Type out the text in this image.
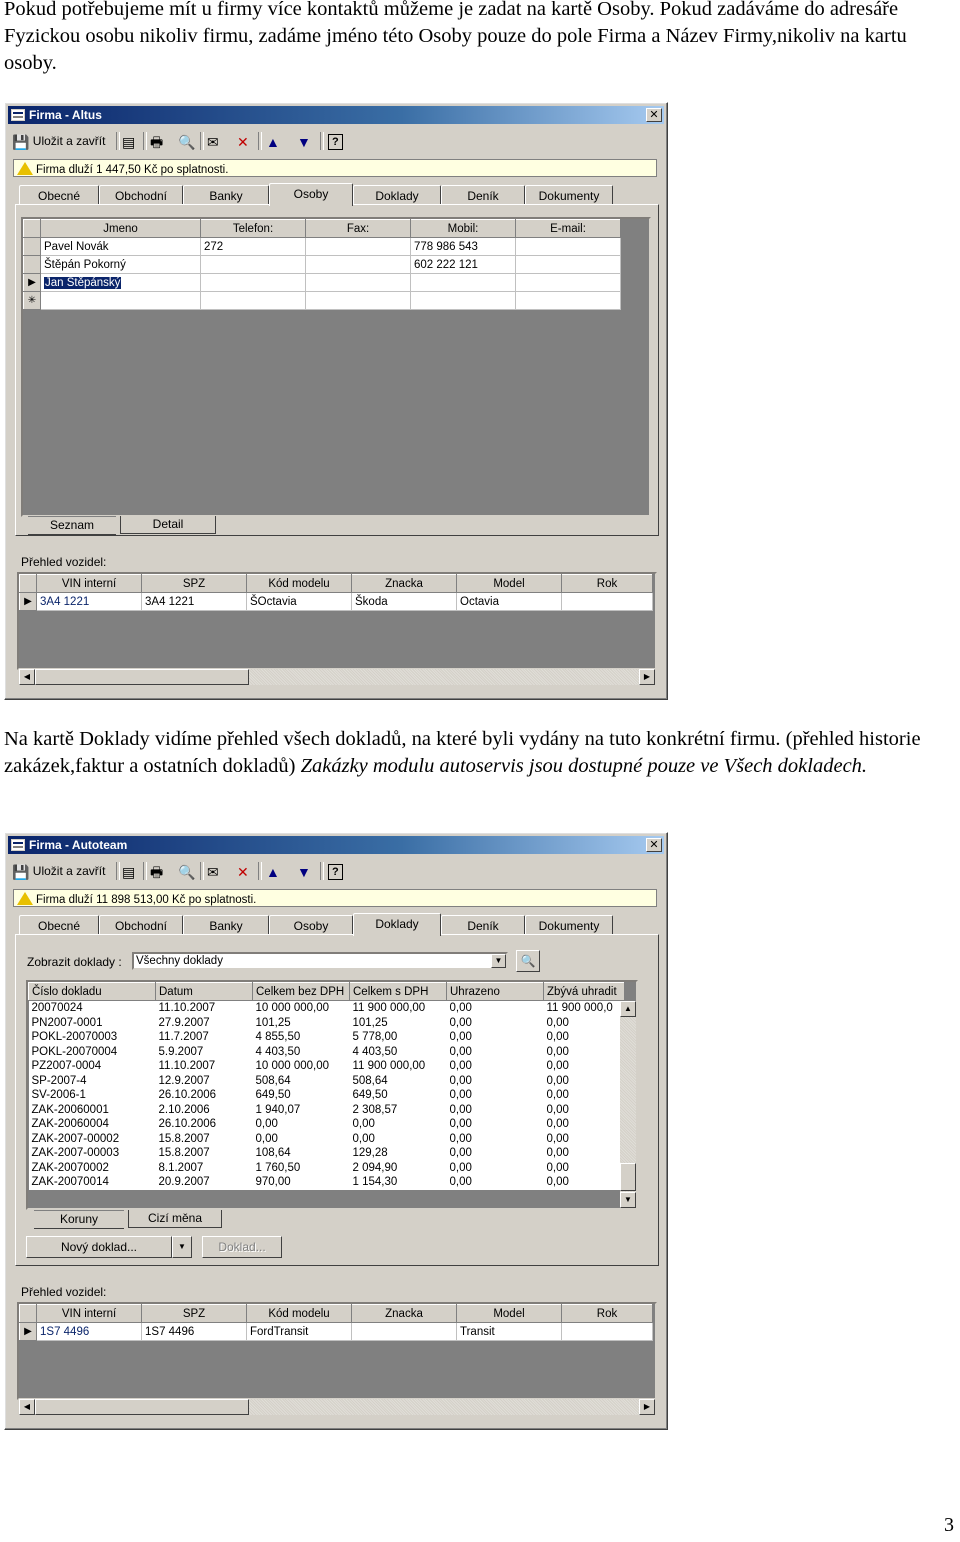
Pokud potřebujeme mít u firmy více kontaktů můžeme je zadat na kartě Osoby. Pokud zadáváme do adresáře Fyzickou osobu nikoliv firmu, zadáme jméno této Osoby pouze do pole Firma a Název Firmy,nikoliv na kartu osoby.

Firma - Altus	✕
💾 Uložit a zavřít ▤ 🖶 🔍 ✉ ✕ ▲ ▼	?
Firma dluží 1 447,50 Kč po splatnosti.
Obecné	Obchodní	Banky	Osoby	Doklady	Deník	Dokumenty
	Jmeno	Telefon:	Fax:	Mobil:	E-mail:
	Pavel Novák	272		778 986 543	
	Štěpán Pokorný			602 222 121	
▶	Jan Štěpánský				
✳					
Seznam	Detail
Přehled vozidel:
	VIN interní	SPZ	Kód modelu	Znacka	Model	Rok
▶	3A4 1221	3A4 1221	ŠOctavia	Škoda	Octavia	
◀	▶

Na kartě Doklady vidíme přehled všech dokladů, na které byli vydány na tuto konkrétní firmu. (přehled historie zakázek,faktur a ostatních dokladů) Zakázky modulu autoservis jsou dostupné pouze ve Všech dokladech.

Firma - Autoteam	✕
💾 Uložit a zavřít ▤ 🖶 🔍 ✉ ✕ ▲ ▼	?
Firma dluží 11 898 513,00 Kč po splatnosti.
Obecné	Obchodní	Banky	Osoby	Doklady	Deník	Dokumenty
Zobrazit doklady :	Všechny doklady	▼	🔍
Číslo dokladu	Datum	Celkem bez DPH	Celkem s DPH	Uhrazeno	Zbývá uhradit
20070024	11.10.2007	10 000 000,00	11 900 000,00	0,00	11 900 000,0
PN2007-0001	27.9.2007	101,25	101,25	0,00	0,00
POKL-20070003	11.7.2007	4 855,50	5 778,00	0,00	0,00
POKL-20070004	5.9.2007	4 403,50	4 403,50	0,00	0,00
PZ2007-0004	11.10.2007	10 000 000,00	11 900 000,00	0,00	0,00
SP-2007-4	12.9.2007	508,64	508,64	0,00	0,00
SV-2006-1	26.10.2006	649,50	649,50	0,00	0,00
ZAK-20060001	2.10.2006	1 940,07	2 308,57	0,00	0,00
ZAK-20060004	26.10.2006	0,00	0,00	0,00	0,00
ZAK-2007-00002	15.8.2007	0,00	0,00	0,00	0,00
ZAK-2007-00003	15.8.2007	108,64	129,28	0,00	0,00
ZAK-20070002	8.1.2007	1 760,50	2 094,90	0,00	0,00
ZAK-20070014	20.9.2007	970,00	1 154,30	0,00	0,00
▲
▼
Koruny	Cizí měna
Nový doklad...	▼	Doklad...
Přehled vozidel:
	VIN interní	SPZ	Kód modelu	Znacka	Model	Rok
▶	1S7 4496	1S7 4496	FordTransit		Transit	
◀	▶
3
